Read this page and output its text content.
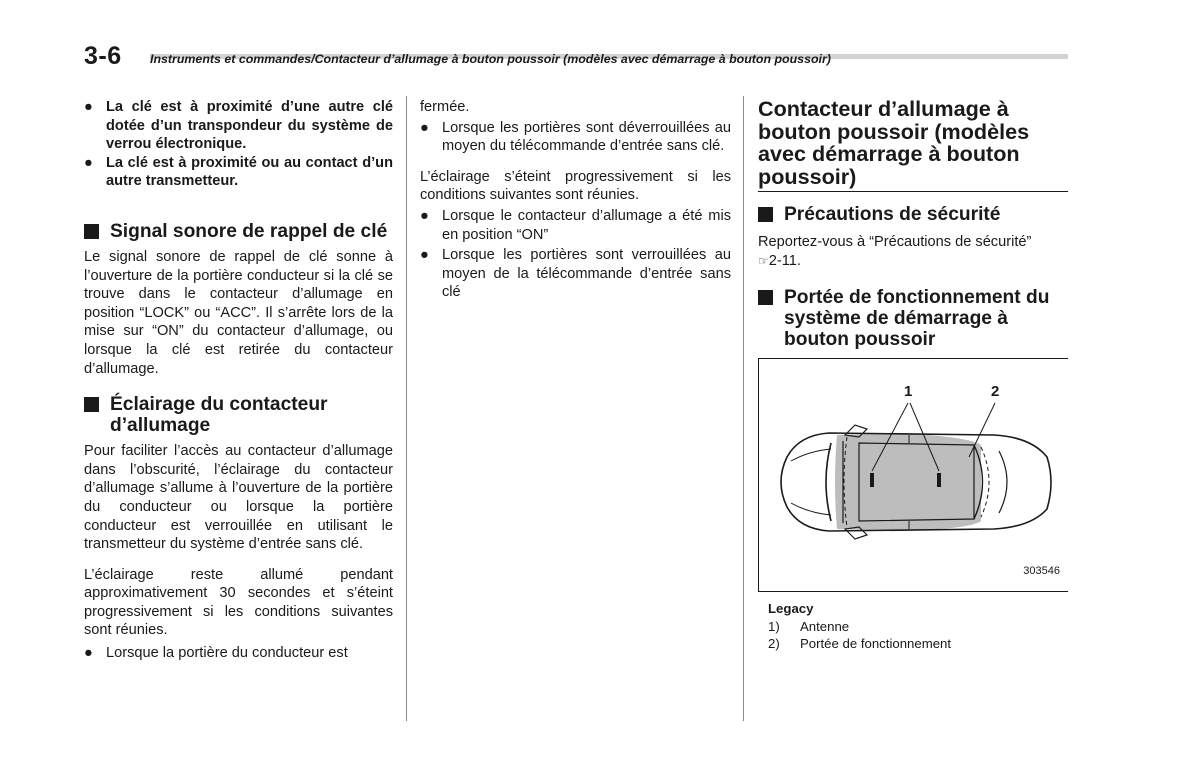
3-6 Instruments et commandes/Contacteur d’allumage à bouton poussoir (modèles avec démarrage à bouton poussoir)
● La clé est à proximité d’une autre clé dotée d’un transpondeur du système de verrou électronique.
● La clé est à proximité ou au contact d’un autre transmetteur.
Signal sonore de rappel de clé

Le signal sonore de rappel de clé sonne à l’ouverture de la portière conducteur si la clé se trouve dans le contacteur d’allumage en position “LOCK” ou “ACC”. Il s’arrête lors de la mise sur “ON” du contacteur d’allumage, ou lorsque la clé est retirée du contacteur d’allumage.

Éclairage du contacteur d’allumage

Pour faciliter l’accès au contacteur d’allumage dans l’obscurité, l’éclairage du contacteur d’allumage s’allume à l’ouverture de la portière du conducteur ou lorsque la portière conducteur est verrouillée en utilisant le transmetteur du système d’entrée sans clé.

L’éclairage reste allumé pendant approximativement 30 secondes et s’éteint progressivement si les conditions suivantes sont réunies.

● Lorsque la portière du conducteur est

fermée.

● Lorsque les portières sont déverrouillées au moyen du télécommande d’entrée sans clé.

L’éclairage s’éteint progressivement si les conditions suivantes sont réunies.

● Lorsque le contacteur d’allumage a été mis en position “ON”
● Lorsque les portières sont verrouillées au moyen de la télécommande d’entrée sans clé
Contacteur d’allumage à bouton poussoir (modèles avec démarrage à bouton poussoir)
Précautions de sécurité

Reportez-vous à “Précautions de sécurité”

☞2-11.

Portée de fonctionnement du système de démarrage à bouton poussoir
1	2
303546
Legacy
1) Antenne
2) Portée de fonctionnement
